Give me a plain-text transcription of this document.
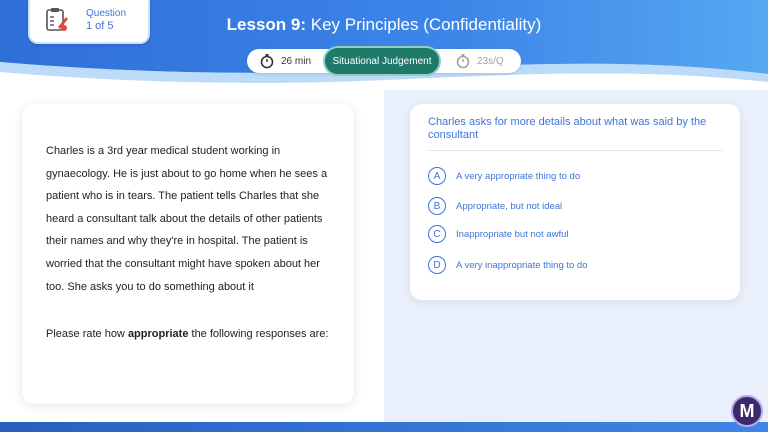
Question
1 of 5	Lesson 9: Key Principles (Confidentiality)
26 min	Situational Judgement	23s/Q

Charles is a 3rd year medical student working in gynaecology. He is just about to go home when he sees a patient who is in tears. The patient tells Charles that she heard a consultant talk about the details of other patients their names and why they're in hospital. The patient is worried that the consultant might have spoken about her too. She asks you to do something about it

Please rate how appropriate the following responses are:

Charles asks for more details about what was said by the consultant
A	A very appropriate thing to do
B	Appropriate, but not ideal
C	Inappropriate but not awful
D	A very inappropriate thing to do
M
